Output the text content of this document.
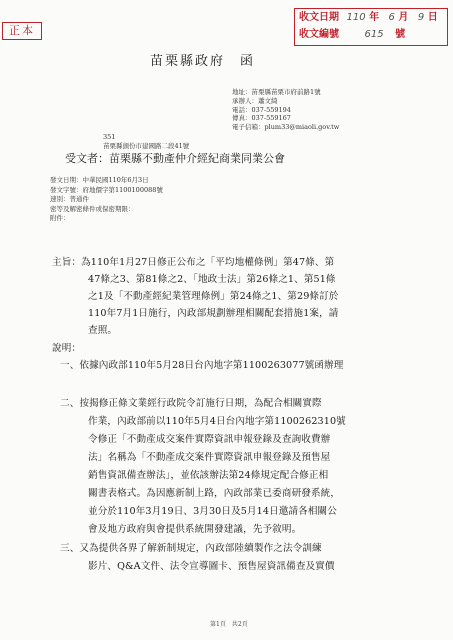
正本
收文日期 110 年 6 月 9 日
收文編號	615 號
苗栗縣政府　函
地址：苗栗縣苗栗市府前路1號
承辦人：蕭文綺
電話：037-559194
傳真：037-559167
電子信箱：plum33@miaoli.gov.tw
351
苗栗縣頭份市建國路二段41號
受文者：苗栗縣不動產仲介經紀商業同業公會
發文日期：中華民國110年6月3日
發文字號：府地價字第1100100088號
速別：普通件
密等及解密條件或保密期限：
附件：
主旨：為110年1月27日修正公布之「平均地權條例」第47條、第
47條之3、第81條之2、「地政士法」第26條之1、第51條
之1及「不動產經紀業管理條例」第24條之1、第29條訂於
110年7月1日施行，內政部規劃辦理相關配套措施1案，請
查照。
說明：
一、依據內政部110年5月28日台內地字第1100263077號函辦理
二、按揭修正條文業經行政院令訂施行日期，為配合相關實際
作業，內政部前以110年5月4日台內地字第1100262310號
令修正「不動產成交案件實際資訊申報登錄及查詢收費辦
法」名稱為「不動產成交案件實際資訊申報登錄及預售屋
銷售資訊備查辦法」，並依該辦法第24條規定配合修正相
關書表格式。為因應新制上路，內政部業已委商研發系統，
並分於110年3月19日、3月30日及5月14日邀請各相關公
會及地方政府與會提供系統開發建議，先予敘明。
三、又為提供各界了解新制規定，內政部陸續製作之法令訓練
影片、Q&A文件、法令宣導圖卡、預售屋資訊備查及實價
第1頁　共2頁
